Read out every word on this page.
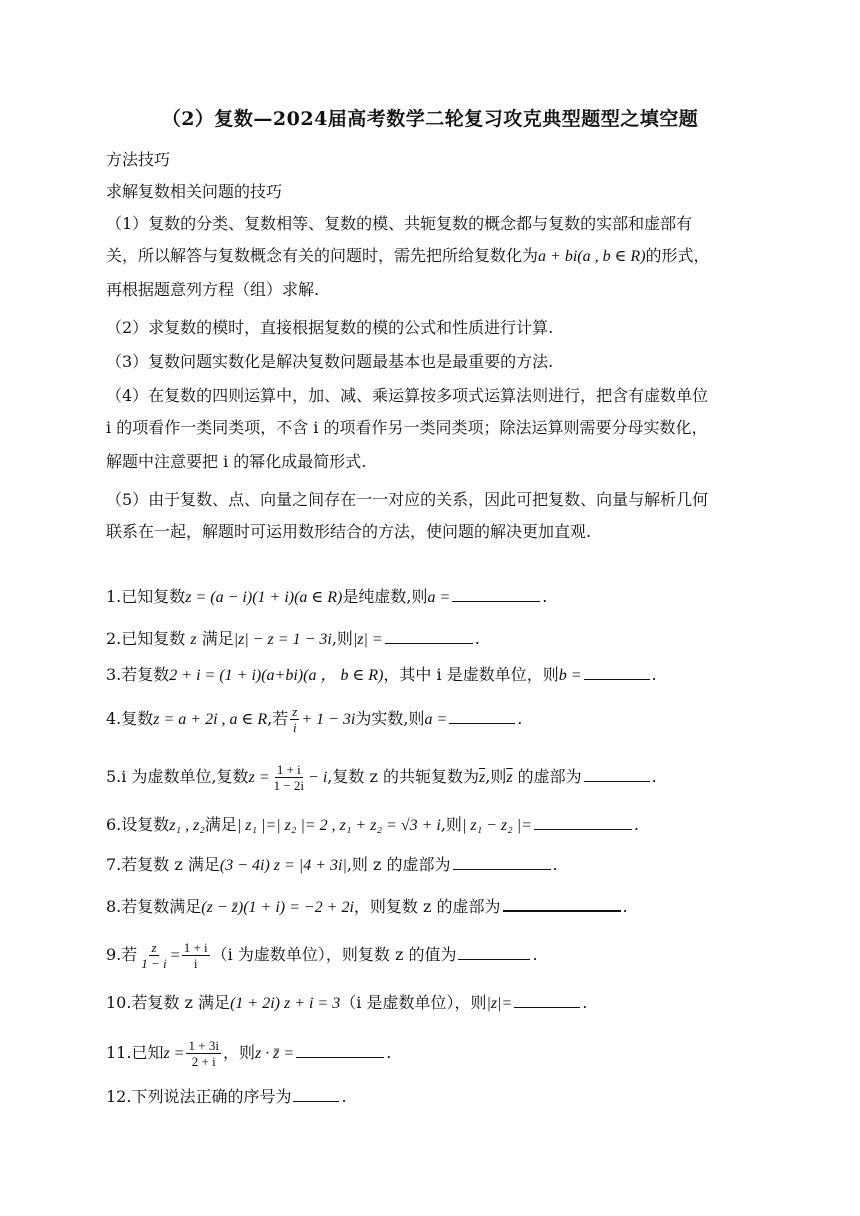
（2）复数—2024届高考数学二轮复习攻克典型题型之填空题
方法技巧
求解复数相关问题的技巧
（1）复数的分类、复数相等、复数的模、共轭复数的概念都与复数的实部和虚部有
关，所以解答与复数概念有关的问题时，需先把所给复数化为a + bi(a , b ∈ R)的形式，
再根据题意列方程（组）求解.
（2）求复数的模时，直接根据复数的模的公式和性质进行计算.
（3）复数问题实数化是解决复数问题最基本也是最重要的方法.
（4）在复数的四则运算中，加、减、乘运算按多项式运算法则进行，把含有虚数单位
i 的项看作一类同类项，不含 i 的项看作另一类同类项；除法运算则需要分母实数化，
解题中注意要把 i 的幂化成最简形式.
（5）由于复数、点、向量之间存在一一对应的关系，因此可把复数、向量与解析几何
联系在一起，解题时可运用数形结合的方法，使问题的解决更加直观.
1.已知复数z = (a − i)(1 + i)(a ∈ R)是纯虚数,则a =	.
2.已知复数 z 满足|z| − z = 1 − 3i,则|z| =	.
3.若复数2 + i = (1 + i)(a+bi)(a ， b ∈ R)，其中 i 是虚数单位，则b =	.
4.复数z = a + 2i , a ∈ R,若 $\frac{z}{i} + 1 - 3i$为实数,则a =	.
5.i 为虚数单位,复数$z = \frac{1 + i}{1 - 2i} - i$,复数 z 的共轭复数为$\overline{z}$,则$\overline{z}$ 的虚部为	.
6.设复数z₁ , z₂满足| z₁ |=| z₂ |= 2 , z₁ + z₂ = √3 + i,则| z₁ − z₂ |=	.
7.若复数 z 满足(3 − 4i) z = |4 + 3i|,则 z 的虚部为	.
8.若复数满足(z − z̄)(1 + i) = −2 + 2i，则复数 z 的虚部为	.
9.若 $\frac{z}{1 - i} = \frac{1 + i}{i} (i$ 为虚数单位），则复数 z 的值为	.
10.若复数 z 满足(1 + 2i) z + i = 3（i 是虚数单位），则|z|=	.
11.已知$z = \frac{1 + 3i}{2 + i}$ ，则z · z̄ =	.
12.下列说法正确的序号为	.
